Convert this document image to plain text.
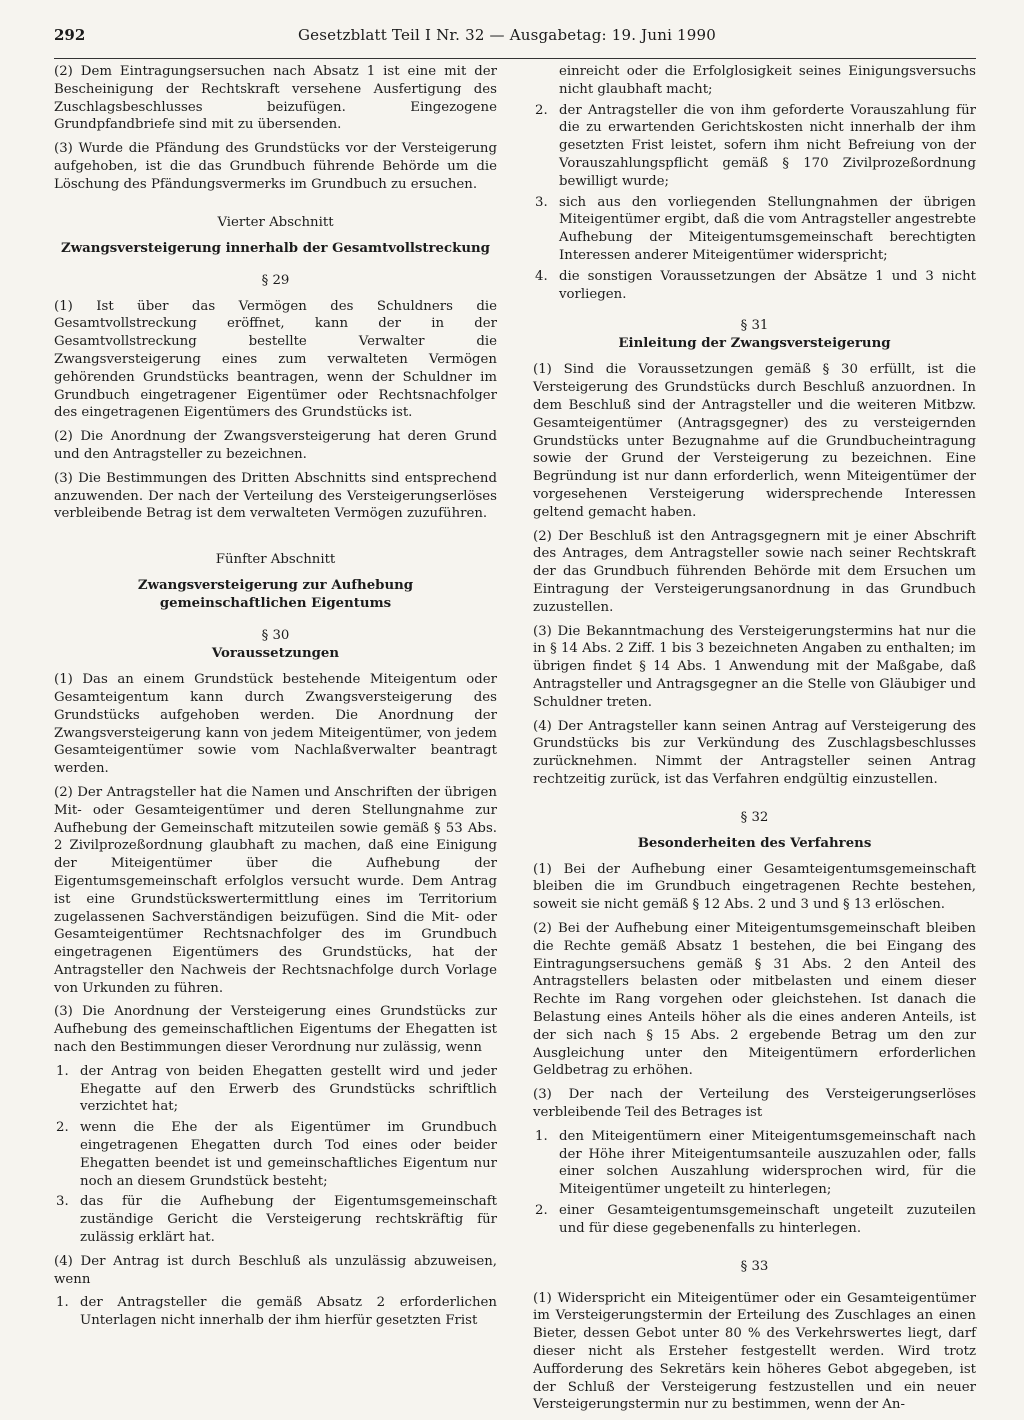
292	Gesetzblatt Teil I Nr. 32 — Ausgabetag: 19. Juni 1990

(2) Dem Eintragungsersuchen nach Absatz 1 ist eine mit der Bescheinigung der Rechtskraft versehene Ausfertigung des Zuschlagsbeschlusses beizufügen. Eingezogene Grundpfandbriefe sind mit zu übersenden.

(3) Wurde die Pfändung des Grundstücks vor der Versteigerung aufgehoben, ist die das Grundbuch führende Behörde um die Löschung des Pfändungsvermerks im Grundbuch zu ersuchen.

Vierter Abschnitt

Zwangsversteigerung innerhalb der Gesamtvollstreckung

§ 29

(1) Ist über das Vermögen des Schuldners die Gesamtvollstreckung eröffnet, kann der in der Gesamtvollstreckung bestellte Verwalter die Zwangsversteigerung eines zum verwalteten Vermögen gehörenden Grundstücks beantragen, wenn der Schuldner im Grundbuch eingetragener Eigentümer oder Rechtsnachfolger des eingetragenen Eigentümers des Grundstücks ist.

(2) Die Anordnung der Zwangsversteigerung hat deren Grund und den Antragsteller zu bezeichnen.

(3) Die Bestimmungen des Dritten Abschnitts sind entsprechend anzuwenden. Der nach der Verteilung des Versteigerungserlöses verbleibende Betrag ist dem verwalteten Vermögen zuzuführen.

Fünfter Abschnitt

Zwangsversteigerung zur Aufhebung

gemeinschaftlichen Eigentums

§ 30

Voraussetzungen

(1) Das an einem Grundstück bestehende Miteigentum oder Gesamteigentum kann durch Zwangsversteigerung des Grundstücks aufgehoben werden. Die Anordnung der Zwangsversteigerung kann von jedem Miteigentümer, von jedem Gesamteigentümer sowie vom Nachlaßverwalter beantragt werden.

(2) Der Antragsteller hat die Namen und Anschriften der übrigen Mit- oder Gesamteigentümer und deren Stellungnahme zur Aufhebung der Gemeinschaft mitzuteilen sowie gemäß § 53 Abs. 2 Zivilprozeßordnung glaubhaft zu machen, daß eine Einigung der Miteigentümer über die Aufhebung der Eigentumsgemeinschaft erfolglos versucht wurde. Dem Antrag ist eine Grundstückswertermittlung eines im Territorium zugelassenen Sachverständigen beizufügen. Sind die Mit- oder Gesamteigentümer Rechtsnachfolger des im Grundbuch eingetragenen Eigentümers des Grundstücks, hat der Antragsteller den Nachweis der Rechtsnachfolge durch Vorlage von Urkunden zu führen.

(3) Die Anordnung der Versteigerung eines Grundstücks zur Aufhebung des gemeinschaftlichen Eigentums der Ehegatten ist nach den Bestimmungen dieser Verordnung nur zulässig, wenn

1. der Antrag von beiden Ehegatten gestellt wird und jeder Ehegatte auf den Erwerb des Grundstücks schriftlich verzichtet hat;
2. wenn die Ehe der als Eigentümer im Grundbuch eingetragenen Ehegatten durch Tod eines oder beider Ehegatten beendet ist und gemeinschaftliches Eigentum nur noch an diesem Grundstück besteht;
3. das für die Aufhebung der Eigentumsgemeinschaft zuständige Gericht die Versteigerung rechtskräftig für zulässig erklärt hat.

(4) Der Antrag ist durch Beschluß als unzulässig abzuweisen, wenn

1. der Antragsteller die gemäß Absatz 2 erforderlichen Unterlagen nicht innerhalb der ihm hierfür gesetzten Frist
einreicht oder die Erfolglosigkeit seines Einigungsversuchs nicht glaubhaft macht;
2. der Antragsteller die von ihm geforderte Vorauszahlung für die zu erwartenden Gerichtskosten nicht innerhalb der ihm gesetzten Frist leistet, sofern ihm nicht Befreiung von der Vorauszahlungspflicht gemäß § 170 Zivilprozeßordnung bewilligt wurde;
3. sich aus den vorliegenden Stellungnahmen der übrigen Miteigentümer ergibt, daß die vom Antragsteller angestrebte Aufhebung der Miteigentumsgemeinschaft berechtigten Interessen anderer Miteigentümer widerspricht;
4. die sonstigen Voraussetzungen der Absätze 1 und 3 nicht vorliegen.

§ 31

Einleitung der Zwangsversteigerung

(1) Sind die Voraussetzungen gemäß § 30 erfüllt, ist die Versteigerung des Grundstücks durch Beschluß anzuordnen. In dem Beschluß sind der Antragsteller und die weiteren Mitbzw. Gesamteigentümer (Antragsgegner) des zu versteigernden Grundstücks unter Bezugnahme auf die Grundbucheintragung sowie der Grund der Versteigerung zu bezeichnen. Eine Begründung ist nur dann erforderlich, wenn Miteigentümer der vorgesehenen Versteigerung widersprechende Interessen geltend gemacht haben.

(2) Der Beschluß ist den Antragsgegnern mit je einer Abschrift des Antrages, dem Antragsteller sowie nach seiner Rechtskraft der das Grundbuch führenden Behörde mit dem Ersuchen um Eintragung der Versteigerungsanordnung in das Grundbuch zuzustellen.

(3) Die Bekanntmachung des Versteigerungstermins hat nur die in § 14 Abs. 2 Ziff. 1 bis 3 bezeichneten Angaben zu enthalten; im übrigen findet § 14 Abs. 1 Anwendung mit der Maßgabe, daß Antragsteller und Antragsgegner an die Stelle von Gläubiger und Schuldner treten.

(4) Der Antragsteller kann seinen Antrag auf Versteigerung des Grundstücks bis zur Verkündung des Zuschlagsbeschlusses zurücknehmen. Nimmt der Antragsteller seinen Antrag rechtzeitig zurück, ist das Verfahren endgültig einzustellen.

§ 32

Besonderheiten des Verfahrens

(1) Bei der Aufhebung einer Gesamteigentumsgemeinschaft bleiben die im Grundbuch eingetragenen Rechte bestehen, soweit sie nicht gemäß § 12 Abs. 2 und 3 und § 13 erlöschen.

(2) Bei der Aufhebung einer Miteigentumsgemeinschaft bleiben die Rechte gemäß Absatz 1 bestehen, die bei Eingang des Eintragungsersuchens gemäß § 31 Abs. 2 den Anteil des Antragstellers belasten oder mitbelasten und einem dieser Rechte im Rang vorgehen oder gleichstehen. Ist danach die Belastung eines Anteils höher als die eines anderen Anteils, ist der sich nach § 15 Abs. 2 ergebende Betrag um den zur Ausgleichung unter den Miteigentümern erforderlichen Geldbetrag zu erhöhen.

(3) Der nach der Verteilung des Versteigerungserlöses verbleibende Teil des Betrages ist

1. den Miteigentümern einer Miteigentumsgemeinschaft nach der Höhe ihrer Miteigentumsanteile auszuzahlen oder, falls einer solchen Auszahlung widersprochen wird, für die Miteigentümer ungeteilt zu hinterlegen;
2. einer Gesamteigentumsgemeinschaft ungeteilt zuzuteilen und für diese gegebenenfalls zu hinterlegen.

§ 33

(1) Widerspricht ein Miteigentümer oder ein Gesamteigentümer im Versteigerungstermin der Erteilung des Zuschlages an einen Bieter, dessen Gebot unter 80 % des Verkehrswertes liegt, darf dieser nicht als Ersteher festgestellt werden. Wird trotz Aufforderung des Sekretärs kein höheres Gebot abgegeben, ist der Schluß der Versteigerung festzustellen und ein neuer Versteigerungstermin nur zu bestimmen, wenn der An-
